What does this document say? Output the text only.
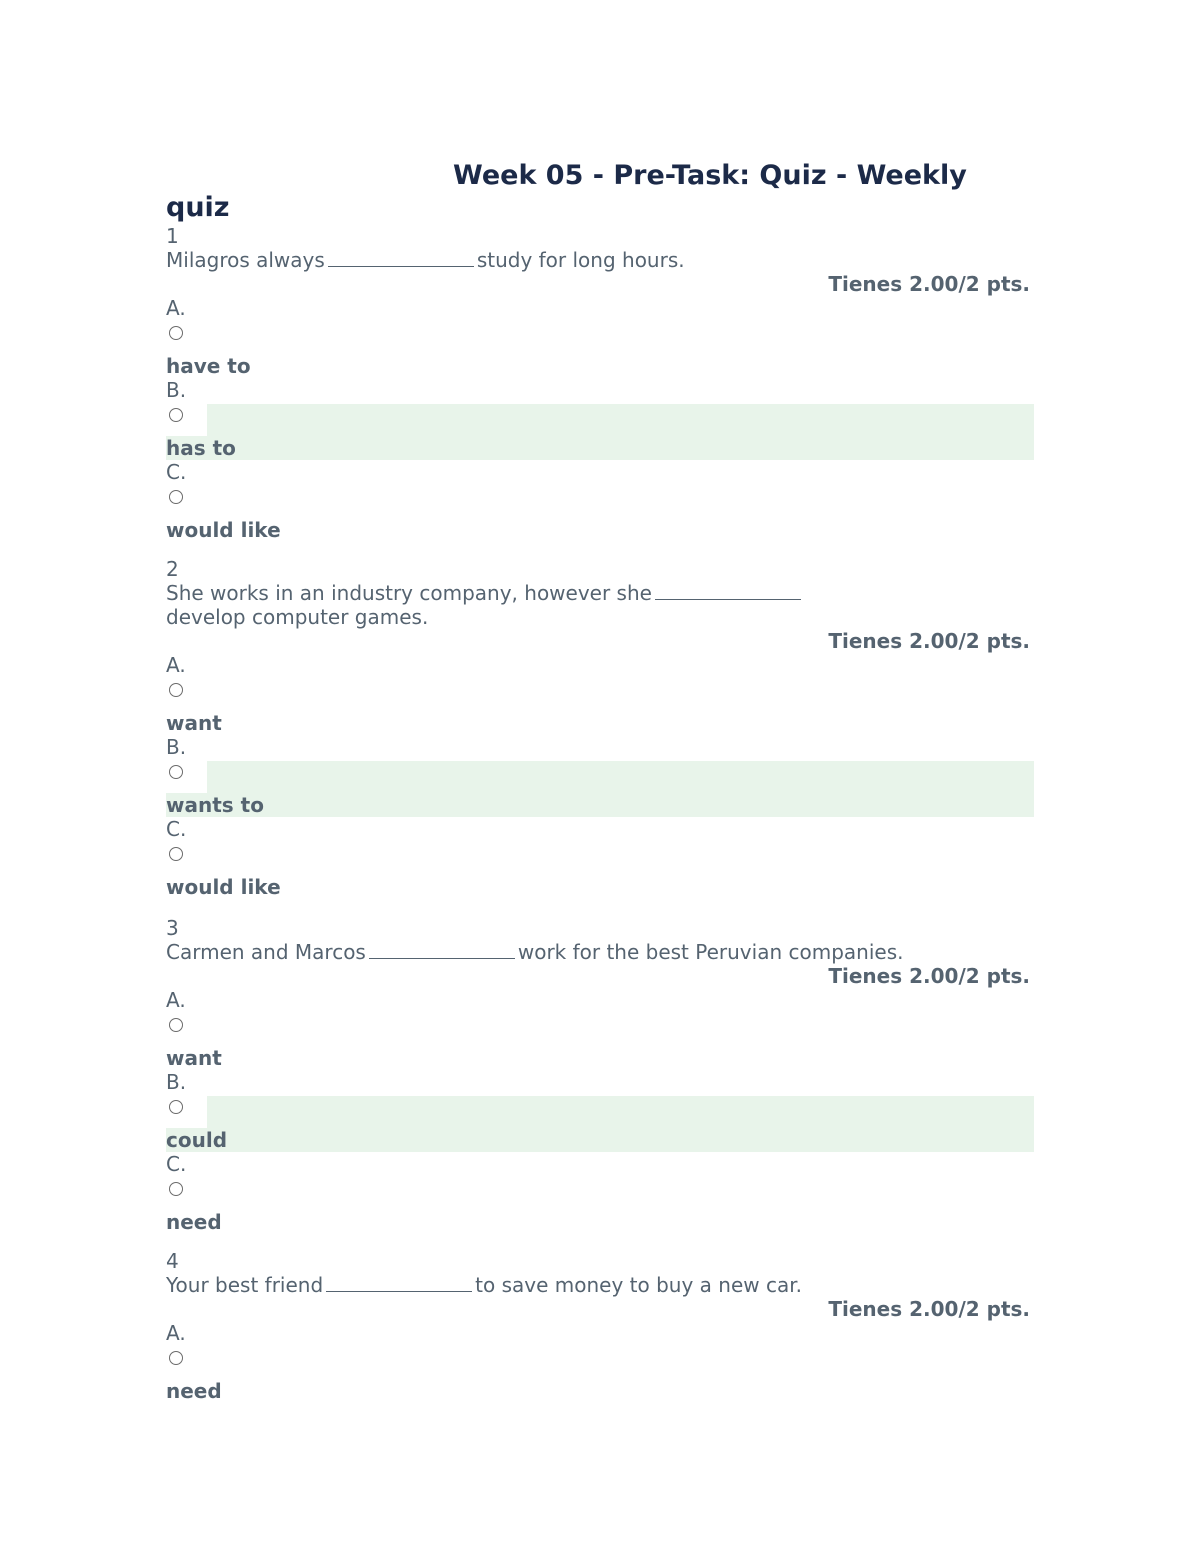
Week 05 - Pre-Task: Quiz - Weekly
quiz
1
Milagros always	study for long hours.
Tienes 2.00/2 pts.
A.
have to
B.
has to
C.
would like
2
She works in an industry company, however she
develop computer games.
Tienes 2.00/2 pts.
A.
want
B.
wants to
C.
would like
3
Carmen and Marcos	work for the best Peruvian companies.
Tienes 2.00/2 pts.
A.
want
B.
could
C.
need
4
Your best friend	to save money to buy a new car.
Tienes 2.00/2 pts.
A.
need
